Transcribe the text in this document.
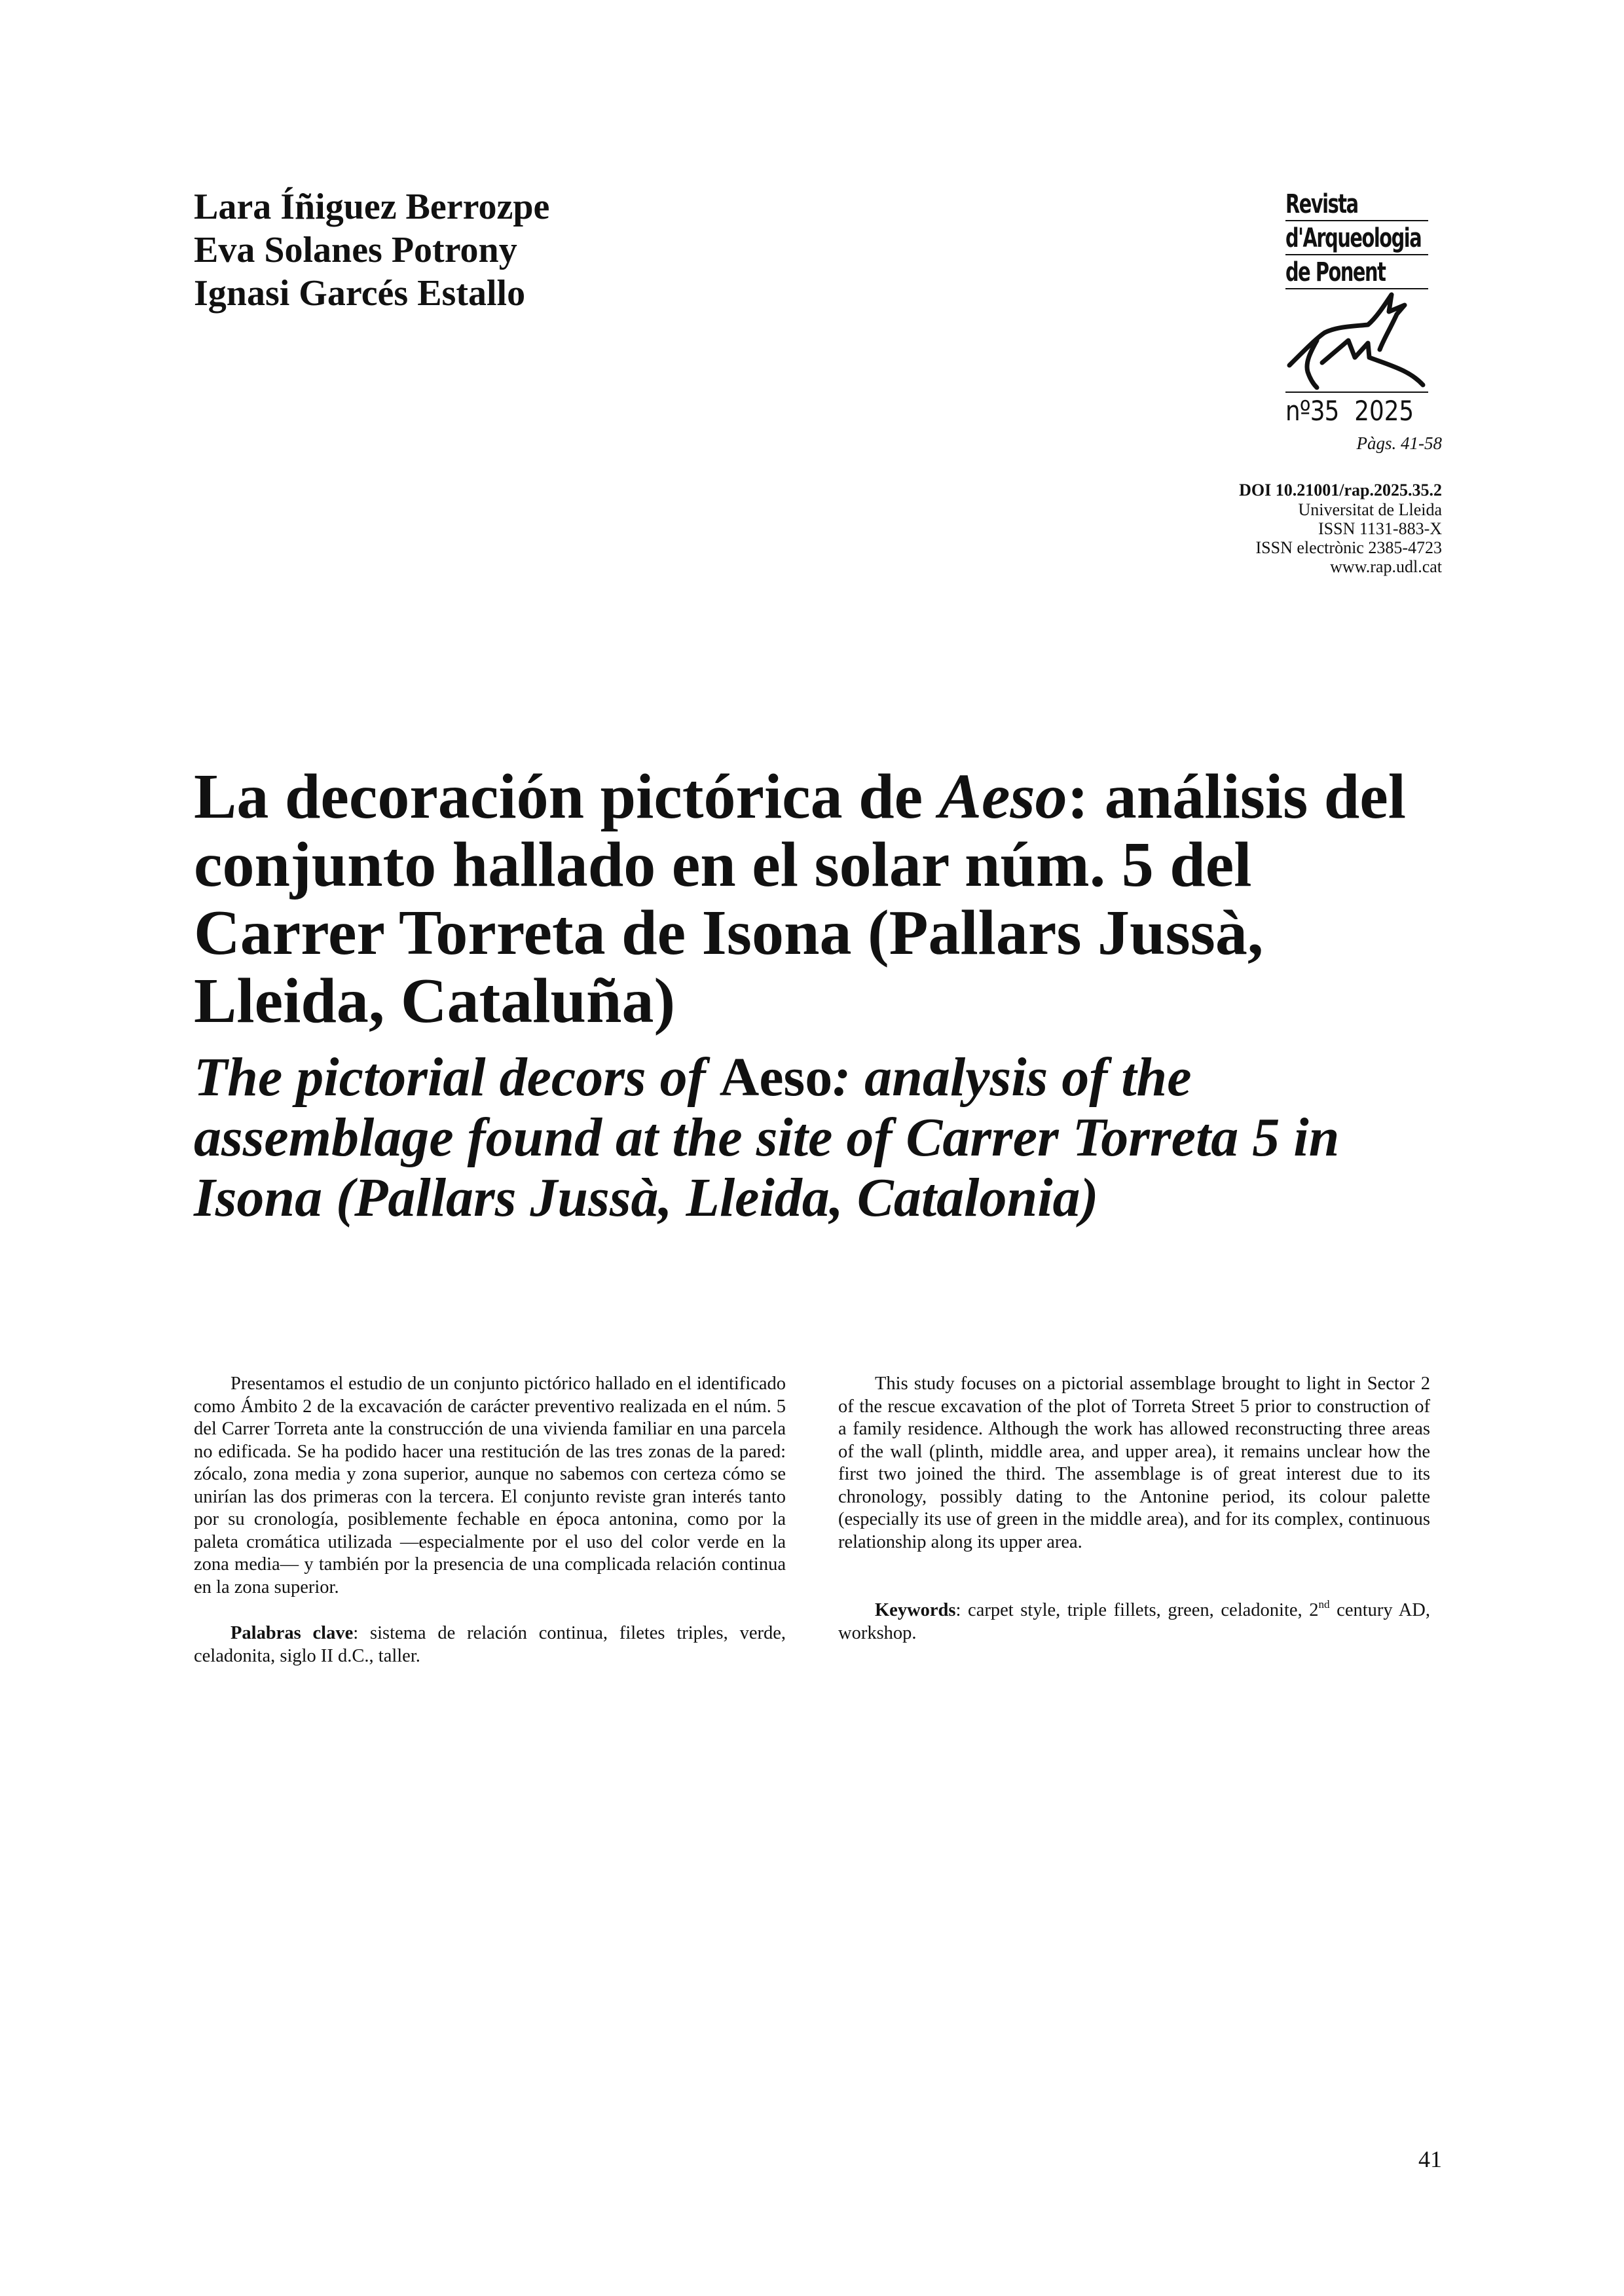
Lara Íñiguez Berrozpe
Eva Solanes Potrony
Ignasi Garcés Estallo
Revista
d'Arqueologia
de Ponent
nº35 2025
Pàgs. 41-58
DOI 10.21001/rap.2025.35.2
Universitat de Lleida
ISSN 1131-883-X
ISSN electrònic 2385-4723
www.rap.udl.cat
La decoración pictórica de Aeso: análisis del conjunto hallado en el solar núm. 5 del Carrer Torreta de Isona (Pallars Jussà, Lleida, Cataluña)
The pictorial decors of Aeso: analysis of the assemblage found at the site of Carrer Torreta 5 in Isona (Pallars Jussà, Lleida, Catalonia)

Presentamos el estudio de un conjunto pictórico hallado en el identificado como Ámbito 2 de la excavación de carácter preventivo realizada en el núm. 5 del Carrer Torreta ante la construcción de una vivienda familiar en una parcela no edificada. Se ha podido hacer una restitución de las tres zonas de la pared: zócalo, zona media y zona superior, aunque no sabemos con certeza cómo se unirían las dos primeras con la tercera. El conjunto reviste gran interés tanto por su cronología, posiblemente fechable en época antonina, como por la paleta cromática utilizada —especialmente por el uso del color verde en la zona media— y también por la presencia de una complicada relación continua en la zona superior.

Palabras clave: sistema de relación continua, filetes triples, verde, celadonita, siglo II d.C., taller.

This study focuses on a pictorial assemblage brought to light in Sector 2 of the rescue excavation of the plot of Torreta Street 5 prior to construction of a family residence. Although the work has allowed reconstructing three areas of the wall (plinth, middle area, and upper area), it remains unclear how the first two joined the third. The assemblage is of great interest due to its chronology, possibly dating to the Antonine period, its colour palette (especially its use of green in the middle area), and for its complex, continuous relationship along its upper area.

Keywords: carpet style, triple fillets, green, celadonite, 2nd century AD, workshop.

41
